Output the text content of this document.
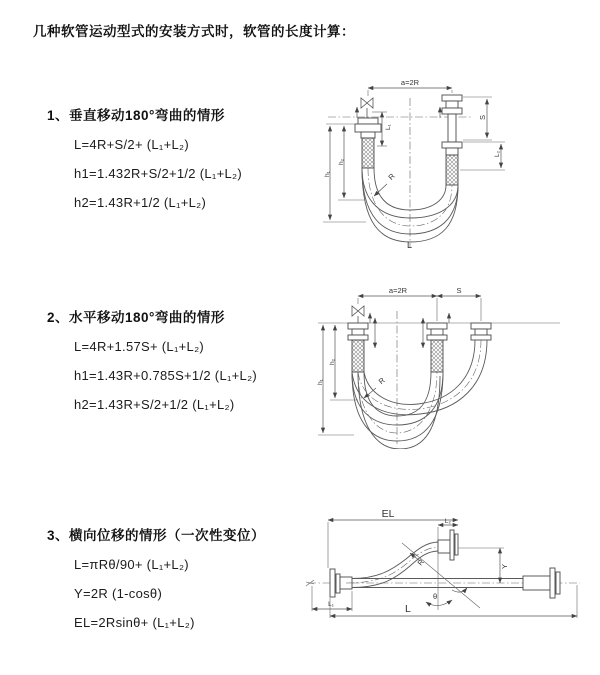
几种软管运动型式的安装方式时，软管的长度计算：
1、垂直移动180°弯曲的情形
L=4R+S/2+ (L₁+L₂)
h1=1.432R+S/2+1/2 (L₁+L₂)
h2=1.43R+1/2 (L₁+L₂)
2、水平移动180°弯曲的情形
L=4R+1.57S+ (L₁+L₂)
h1=1.43R+0.785S+1/2 (L₁+L₂)
h2=1.43R+S/2+1/2 (L₁+L₂)
3、横向位移的情形（一次性变位）
L=πRθ/90+ (L₁+L₂)
Y=2R (1-cosθ)
EL=2Rsinθ+ (L₁+L₂)
a=2R
L
R
L₁
S
L₂
h₂
h₁
a=2R	S
R
h₂
h₁
EL
L₂
Y
θ
R
L₁	L
